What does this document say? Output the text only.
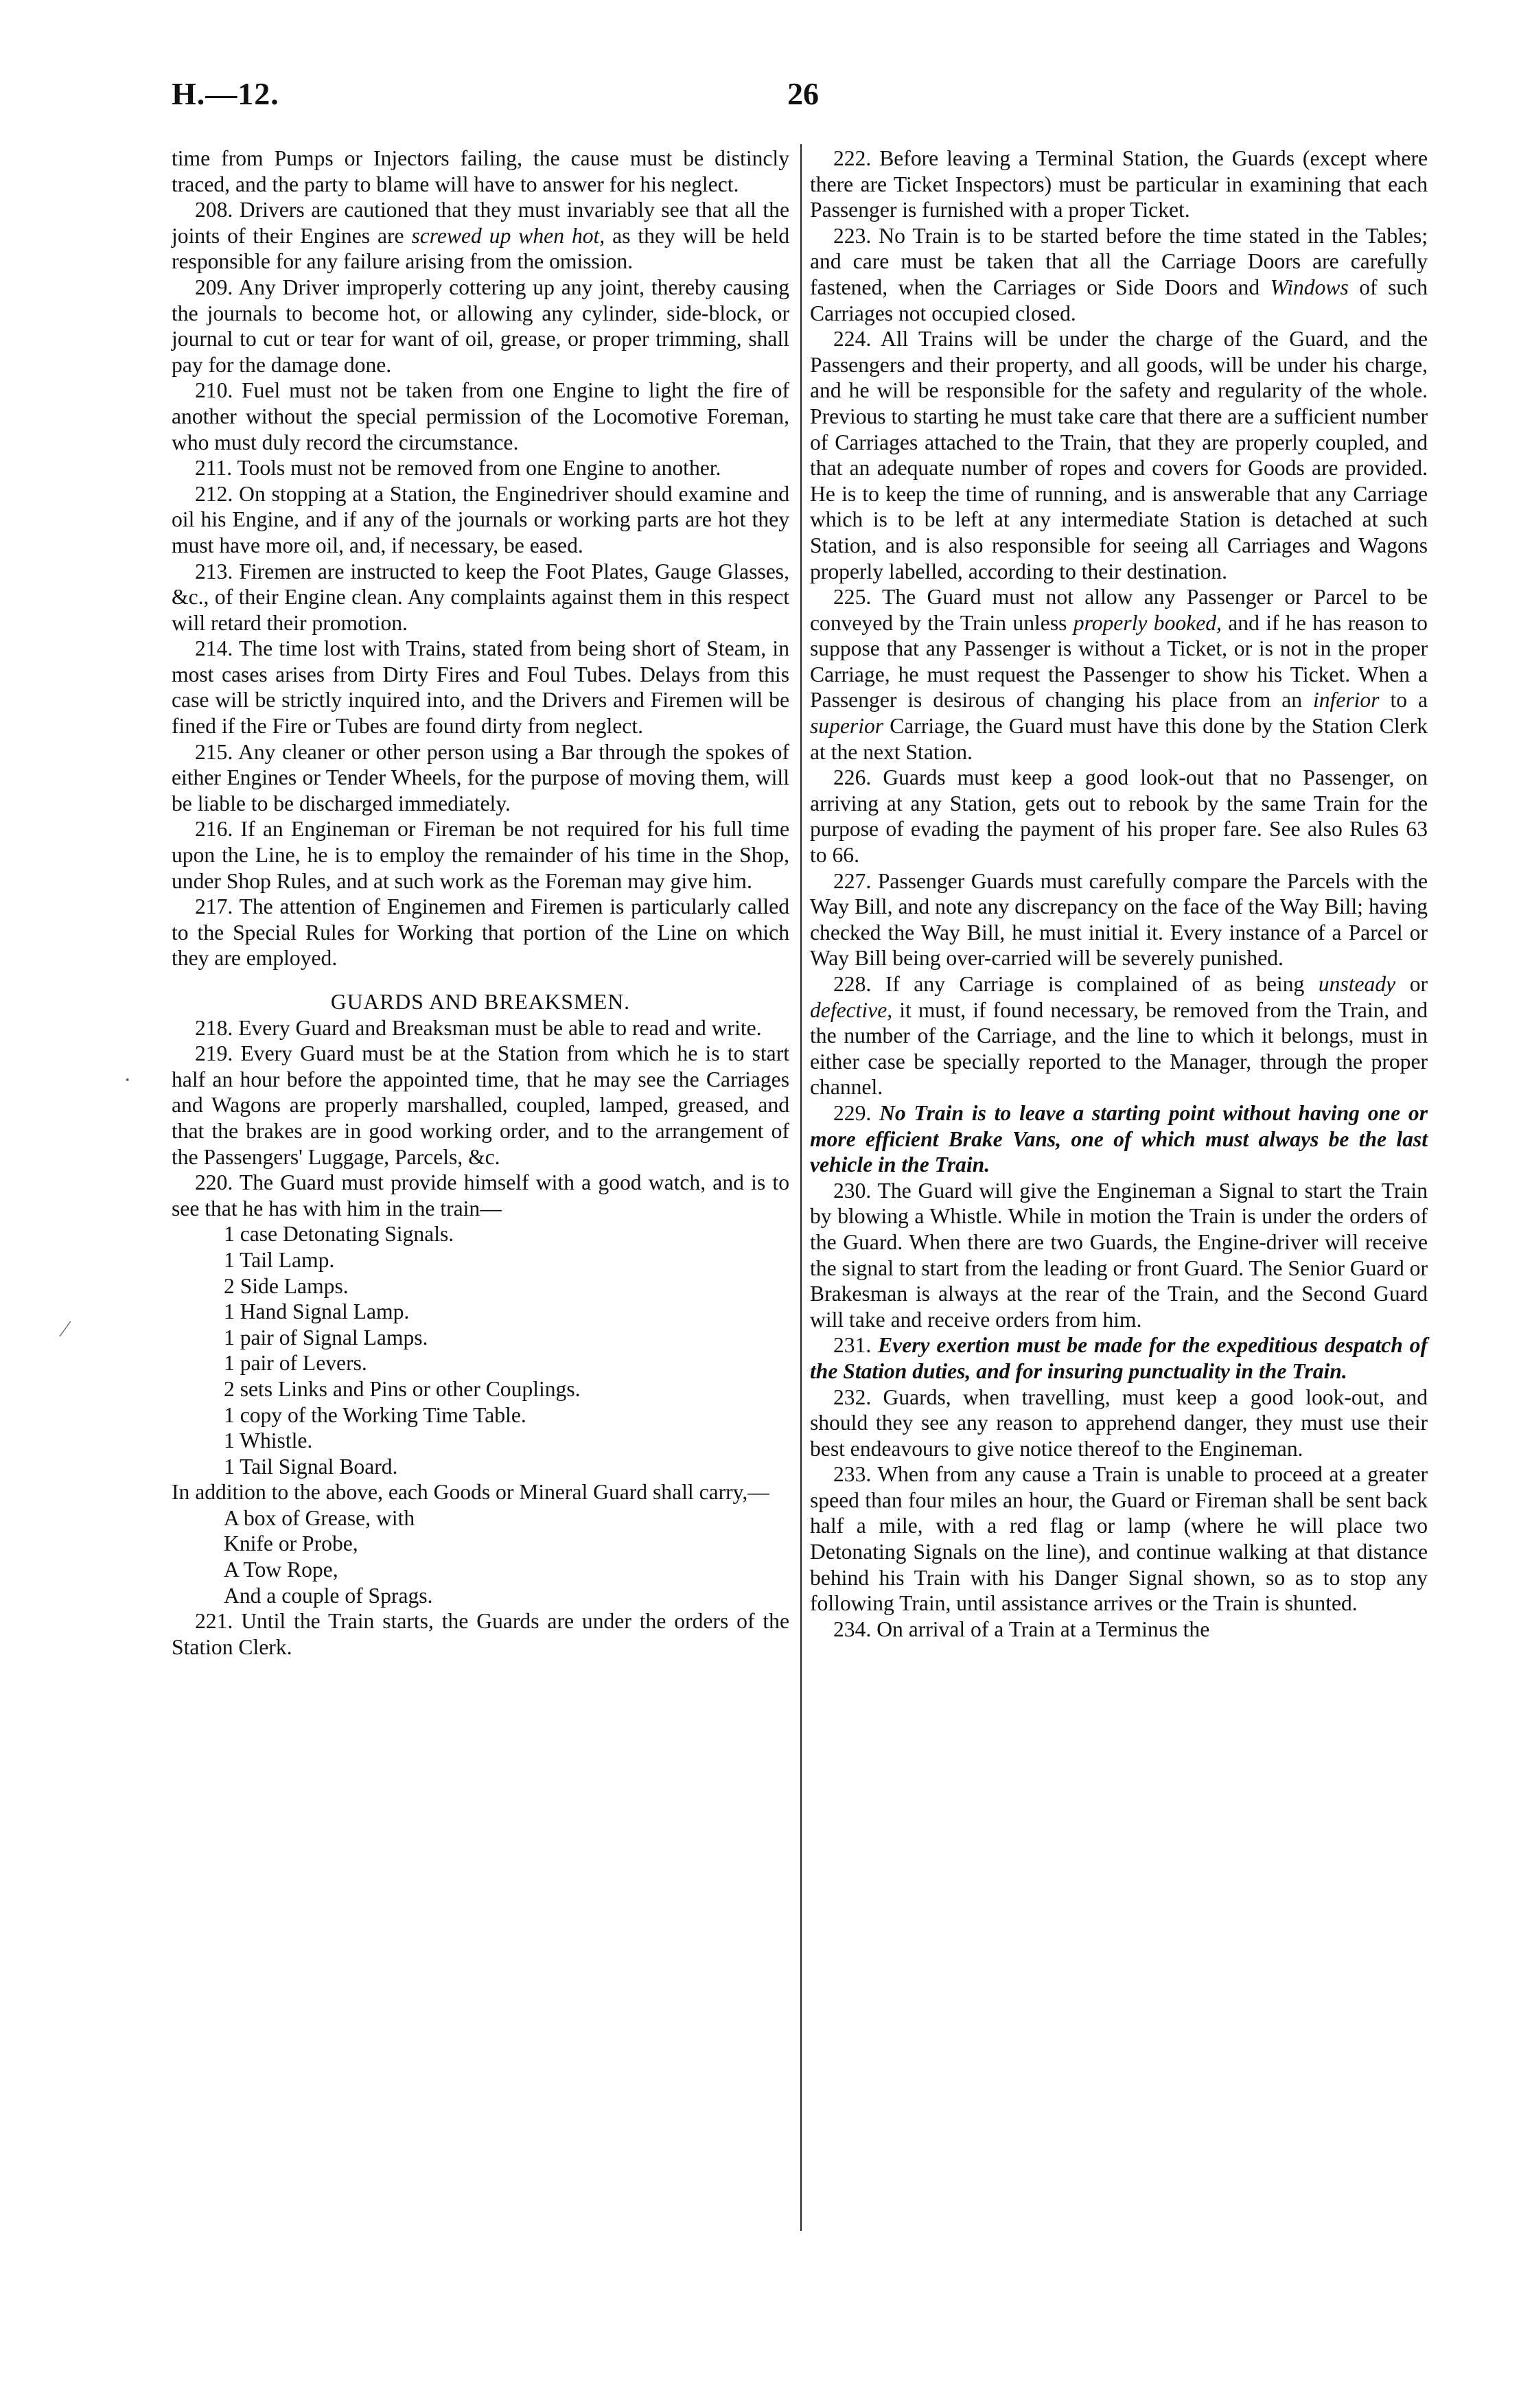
26
H.—12.
·
⁄

time from Pumps or Injectors failing, the cause must be distincly traced, and the party to blame will have to answer for his neglect.

208. Drivers are cautioned that they must invariably see that all the joints of their Engines are screwed up when hot, as they will be held responsible for any failure arising from the omission.

209. Any Driver improperly cottering up any joint, thereby causing the journals to become hot, or allowing any cylinder, side-block, or journal to cut or tear for want of oil, grease, or proper trimming, shall pay for the damage done.

210. Fuel must not be taken from one Engine to light the fire of another without the special permission of the Locomotive Foreman, who must duly record the circumstance.

211. Tools must not be removed from one Engine to another.

212. On stopping at a Station, the Enginedriver should examine and oil his Engine, and if any of the journals or working parts are hot they must have more oil, and, if necessary, be eased.

213. Firemen are instructed to keep the Foot Plates, Gauge Glasses, &c., of their Engine clean. Any complaints against them in this respect will retard their promotion.

214. The time lost with Trains, stated from being short of Steam, in most cases arises from Dirty Fires and Foul Tubes. Delays from this case will be strictly inquired into, and the Drivers and Firemen will be fined if the Fire or Tubes are found dirty from neglect.

215. Any cleaner or other person using a Bar through the spokes of either Engines or Tender Wheels, for the purpose of moving them, will be liable to be discharged immediately.

216. If an Engineman or Fireman be not required for his full time upon the Line, he is to employ the remainder of his time in the Shop, under Shop Rules, and at such work as the Foreman may give him.

217. The attention of Enginemen and Firemen is particularly called to the Special Rules for Working that portion of the Line on which they are employed.

GUARDS AND BREAKSMEN.

218. Every Guard and Breaksman must be able to read and write.

219. Every Guard must be at the Station from which he is to start half an hour before the appointed time, that he may see the Carriages and Wagons are properly marshalled, coupled, lamped, greased, and that the brakes are in good working order, and to the arrangement of the Passengers' Luggage, Parcels, &c.

220. The Guard must provide himself with a good watch, and is to see that he has with him in the train—

1 case Detonating Signals.
1 Tail Lamp.
2 Side Lamps.
1 Hand Signal Lamp.
1 pair of Signal Lamps.
1 pair of Levers.
2 sets Links and Pins or other Couplings.
1 copy of the Working Time Table.
1 Whistle.
1 Tail Signal Board.

In addition to the above, each Goods or Mineral Guard shall carry,—

A box of Grease, with
Knife or Probe,
A Tow Rope,
And a couple of Sprags.

221. Until the Train starts, the Guards are under the orders of the Station Clerk.

222. Before leaving a Terminal Station, the Guards (except where there are Ticket Inspectors) must be particular in examining that each Passenger is furnished with a proper Ticket.

223. No Train is to be started before the time stated in the Tables; and care must be taken that all the Carriage Doors are carefully fastened, when the Carriages or Side Doors and Windows of such Carriages not occupied closed.

224. All Trains will be under the charge of the Guard, and the Passengers and their property, and all goods, will be under his charge, and he will be responsible for the safety and regularity of the whole. Previous to starting he must take care that there are a sufficient number of Carriages attached to the Train, that they are properly coupled, and that an adequate number of ropes and covers for Goods are provided. He is to keep the time of running, and is answerable that any Carriage which is to be left at any intermediate Station is detached at such Station, and is also responsible for seeing all Carriages and Wagons properly labelled, according to their destination.

225. The Guard must not allow any Passenger or Parcel to be conveyed by the Train unless properly booked, and if he has reason to suppose that any Passenger is without a Ticket, or is not in the proper Carriage, he must request the Passenger to show his Ticket. When a Passenger is desirous of changing his place from an inferior to a superior Carriage, the Guard must have this done by the Station Clerk at the next Station.

226. Guards must keep a good look-out that no Passenger, on arriving at any Station, gets out to rebook by the same Train for the purpose of evading the payment of his proper fare. See also Rules 63 to 66.

227. Passenger Guards must carefully compare the Parcels with the Way Bill, and note any discrepancy on the face of the Way Bill; having checked the Way Bill, he must initial it. Every instance of a Parcel or Way Bill being over-carried will be severely punished.

228. If any Carriage is complained of as being unsteady or defective, it must, if found necessary, be removed from the Train, and the number of the Carriage, and the line to which it belongs, must in either case be specially reported to the Manager, through the proper channel.

229. No Train is to leave a starting point without having one or more efficient Brake Vans, one of which must always be the last vehicle in the Train.

230. The Guard will give the Engineman a Signal to start the Train by blowing a Whistle. While in motion the Train is under the orders of the Guard. When there are two Guards, the Engine-driver will receive the signal to start from the leading or front Guard. The Senior Guard or Brakesman is always at the rear of the Train, and the Second Guard will take and receive orders from him.

231. Every exertion must be made for the expeditious despatch of the Station duties, and for insuring punctuality in the Train.

232. Guards, when travelling, must keep a good look-out, and should they see any reason to apprehend danger, they must use their best endeavours to give notice thereof to the Engineman.

233. When from any cause a Train is unable to proceed at a greater speed than four miles an hour, the Guard or Fireman shall be sent back half a mile, with a red flag or lamp (where he will place two Detonating Signals on the line), and continue walking at that distance behind his Train with his Danger Signal shown, so as to stop any following Train, until assistance arrives or the Train is shunted.

234. On arrival of a Train at a Terminus the
